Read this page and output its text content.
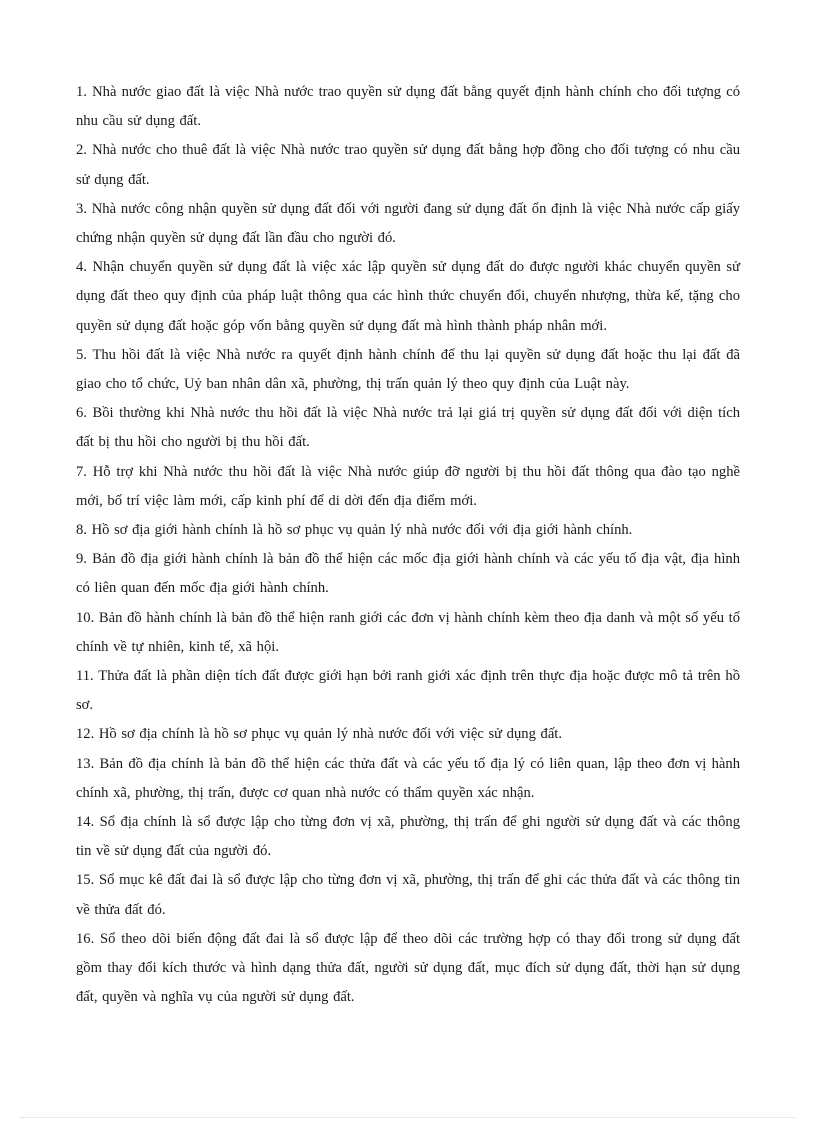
1. Nhà nước giao đất là việc Nhà nước trao quyền sử dụng đất bằng quyết định hành chính cho đối tượng có nhu cầu sử dụng đất.

2. Nhà nước cho thuê đất là việc Nhà nước trao quyền sử dụng đất bằng hợp đồng cho đối tượng có nhu cầu sử dụng đất.

3. Nhà nước công nhận quyền sử dụng đất đối với người đang sử dụng đất ổn định là việc Nhà nước cấp giấy chứng nhận quyền sử dụng đất lần đầu cho người đó.

4. Nhận chuyển quyền sử dụng đất là việc xác lập quyền sử dụng đất do được người khác chuyển quyền sử dụng đất theo quy định của pháp luật thông qua các hình thức chuyển đổi, chuyển nhượng, thừa kế, tặng cho quyền sử dụng đất hoặc góp vốn bằng quyền sử dụng đất mà hình thành pháp nhân mới.

5. Thu hồi đất là việc Nhà nước ra quyết định hành chính để thu lại quyền sử dụng đất hoặc thu lại đất đã giao cho tổ chức, Uỷ ban nhân dân xã, phường, thị trấn quản lý theo quy định của Luật này.

6. Bồi thường khi Nhà nước thu hồi đất là việc Nhà nước trả lại giá trị quyền sử dụng đất đối với diện tích đất bị thu hồi cho người bị thu hồi đất.

7. Hỗ trợ khi Nhà nước thu hồi đất là việc Nhà nước giúp đỡ người bị thu hồi đất thông qua đào tạo nghề mới, bố trí việc làm mới, cấp kinh phí để di dời đến địa điểm mới.

8. Hồ sơ địa giới hành chính là hồ sơ phục vụ quản lý nhà nước đối với địa giới hành chính.

9. Bản đồ địa giới hành chính là bản đồ thể hiện các mốc địa giới hành chính và các yếu tố địa vật, địa hình có liên quan đến mốc địa giới hành chính.

10. Bản đồ hành chính là bản đồ thể hiện ranh giới các đơn vị hành chính kèm theo địa danh và một số yếu tố chính về tự nhiên, kinh tế, xã hội.

11. Thửa đất là phần diện tích đất được giới hạn bởi ranh giới xác định trên thực địa hoặc được mô tả trên hồ sơ.

12. Hồ sơ địa chính là hồ sơ phục vụ quản lý nhà nước đối với việc sử dụng đất.

13. Bản đồ địa chính là bản đồ thể hiện các thửa đất và các yếu tố địa lý có liên quan, lập theo đơn vị hành chính xã, phường, thị trấn, được cơ quan nhà nước có thẩm quyền xác nhận.

14. Sổ địa chính là sổ được lập cho từng đơn vị xã, phường, thị trấn để ghi người sử dụng đất và các thông tin về sử dụng đất của người đó.

15. Sổ mục kê đất đai là sổ được lập cho từng đơn vị xã, phường, thị trấn để ghi các thửa đất và các thông tin về thửa đất đó.

16. Sổ theo dõi biến động đất đai là sổ được lập để theo dõi các trường hợp có thay đổi trong sử dụng đất gồm thay đổi kích thước và hình dạng thửa đất, người sử dụng đất, mục đích sử dụng đất, thời hạn sử dụng đất, quyền và nghĩa vụ của người sử dụng đất.
